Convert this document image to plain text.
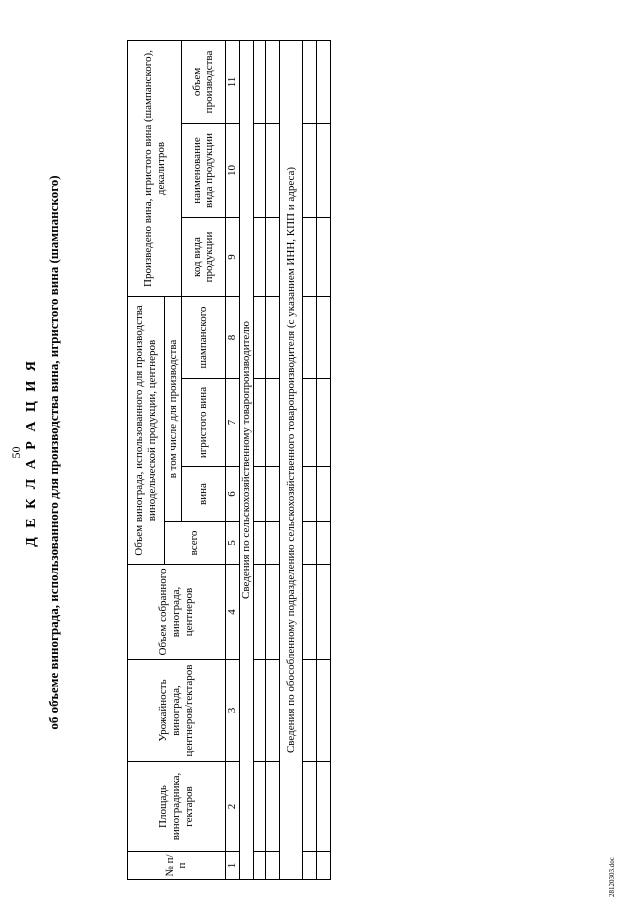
50 Д Е К Л А Р А Ц И Я об объеме винограда, использованного для производства вина, игристого вина (шампанского)
№ п/п	Площадь виноградника, гектаров	Урожайность винограда, центнеров/гектаров	Объем собранного винограда, центнеров	Объем винограда, использованного для производства винодельческой продукции, центнеров				Произведено вина, игристого вина (шампанского), декалитров		
				всего	в том числе для производства					
					вина	игристого вина	шампанского	код вида продукции	наименование вида продукции	объем производства
1	2	3	4	5	6	7	8	9	10	11
Сведения по сельскохозяйственному товаропроизводителю										

Сведения по обособленному подразделению сельскохозяйственного товаропроизводителя (с указанием ИНН, КПП и адреса)										

28120303.doc
